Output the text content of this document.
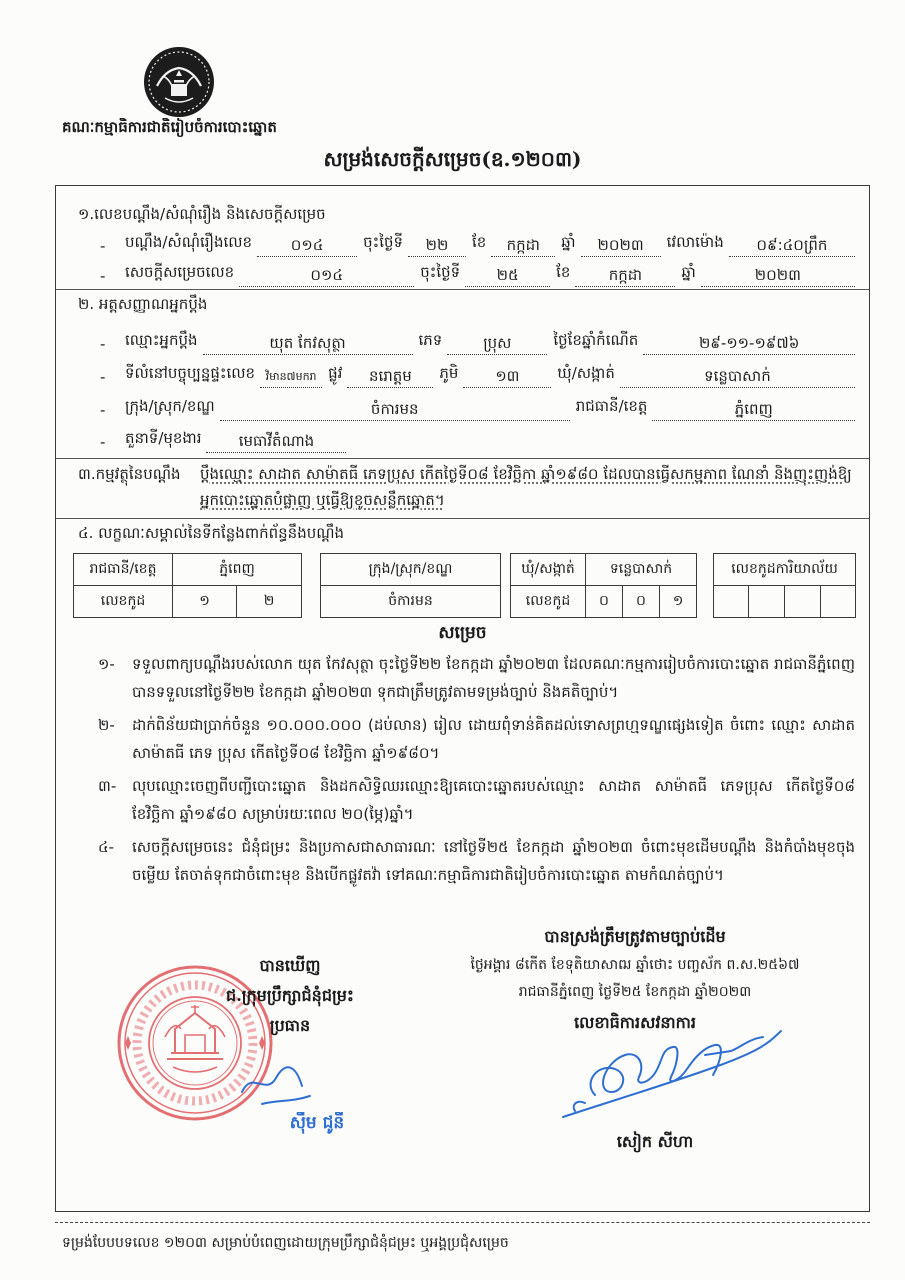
គណៈកម្មាធិការជាតិរៀបចំការបោះឆ្នោត
សម្រង់សេចក្តីសម្រេច(ឧ.១២០៣)
១.លេខបណ្តឹង/សំណុំរឿង និងសេចក្តីសម្រេច
-	បណ្តឹង/សំណុំរឿងលេខ	០១៤	ចុះថ្ងៃទី	២២	ខែ	កក្កដា	ឆ្នាំ	២០២៣	វេលាម៉ោង	០៩:៤០ព្រឹក
-	សេចក្តីសម្រេចលេខ	០១៤	ចុះថ្ងៃទី	២៥	ខែ	កក្កដា	ឆ្នាំ	២០២៣
២. អត្តសញ្ញាណអ្នកប្តឹង
-	ឈ្មោះអ្នកប្តឹង	យុត កែវសុត្ថា	ភេទ	ប្រុស	ថ្ងៃខែឆ្នាំកំណើត	២៩-១១-១៩៧៦
-	ទីលំនៅបច្ចុប្បន្នផ្ទះលេខ វិមាន៧មករា ផ្លូវ	នរោត្តម	ភូមិ	១៣	ឃុំ/សង្កាត់	ទន្លេបាសាក់
-	ក្រុង/ស្រុក/ខណ្ឌ	ចំការមន	រាជធានី/ខេត្ត	ភ្នំពេញ
-	តួនាទី/មុខងារ	មេធាវីតំណាង
៣.កម្មវត្ថុនៃបណ្តឹង	ប្តឹងឈ្មោះ សាដាត សាម៉ាតធី ភេទប្រុស កើតថ្ងៃទី០៨ ខែវិច្ឆិកា ឆ្នាំ១៩៨០ ដែលបានធ្វើសកម្មភាព ណែនាំ និងញុះញង់ឱ្យអ្នកបោះឆ្នោតបំផ្លាញ ឬធ្វើឱ្យខូចសន្លឹកឆ្នោត។
៤. លក្ខណៈសម្គាល់នៃទីកន្លែងពាក់ព័ន្ធនឹងបណ្តឹង
រាជធានី/ខេត្ត	ភ្នំពេញ	
លេខកូដ	១	២
ក្រុង/ស្រុក/ខណ្ឌ
ចំការមន
ឃុំ/សង្កាត់	ទន្លេបាសាក់		
លេខកូដ	០	០	១
លេខកូដការិយាល័យ

សម្រេច
១-	ទទួលពាក្យបណ្តឹងរបស់លោក យុត កែវសុត្ថា ចុះថ្ងៃទី២២ ខែកក្កដា ឆ្នាំ២០២៣ ដែលគណៈកម្មការរៀបចំការបោះឆ្នោត រាជធានីភ្នំពេញ បានទទួលនៅថ្ងៃទី២២ ខែកក្កដា ឆ្នាំ២០២៣ ទុកជាត្រឹមត្រូវតាមទម្រង់ច្បាប់ និងគតិច្បាប់។
២-	ដាក់ពិន័យជាប្រាក់ចំនួន ១០.០០០.០០០ (ដប់លាន) រៀល ដោយពុំទាន់គិតដល់ទោសព្រហ្មទណ្ឌផ្សេងទៀត ចំពោះ ឈ្មោះ សាដាត សាម៉ាតធី ភេទ ប្រុស កើតថ្ងៃទី០៨ ខែវិច្ឆិកា ឆ្នាំ១៩៨០។
៣-	លុបឈ្មោះចេញពីបញ្ជីបោះឆ្នោត និងដកសិទ្ធិឈរឈ្មោះឱ្យគេបោះឆ្នោតរបស់ឈ្មោះ សាដាត សាម៉ាតធី ភេទប្រុស កើតថ្ងៃទី០៨ ខែវិច្ឆិកា ឆ្នាំ១៩៨០ សម្រាប់រយៈពេល ២០(ម្ភៃ)ឆ្នាំ។
៤-	សេចក្តីសម្រេចនេះ ជំនុំជម្រះ និងប្រកាសជាសាធារណៈ នៅថ្ងៃទី២៥ ខែកក្កដា ឆ្នាំ២០២៣ ចំពោះមុខដើមបណ្តឹង និងកំបាំងមុខចុងចម្លើយ តែចាត់ទុកជាចំពោះមុខ និងបើកផ្លូវតវ៉ា ទៅគណៈកម្មាធិការជាតិរៀបចំការបោះឆ្នោត តាមកំណត់ច្បាប់។
បានស្រង់ត្រឹមត្រូវតាមច្បាប់ដើម
ថ្ងៃអង្គារ ៨កើត ខែទុតិយាសាឍ ឆ្នាំថោះ បញ្ចស័ក ព.ស.២៥៦៧
រាជធានីភ្នំពេញ ថ្ងៃទី២៥ ខែកក្កដា ឆ្នាំ២០២៣
លេខាធិការសវនាការ
សៀក សីហា
បានឃើញ
ជ.ក្រុមប្រឹក្សាជំនុំជម្រះ
ប្រធាន
ស៊ឹម ជូនី
ទម្រង់បែបបទលេខ ១២០៣ សម្រាប់បំពេញដោយក្រុមប្រឹក្សាជំនុំជម្រះ ឬអង្គប្រជុំសម្រេច
